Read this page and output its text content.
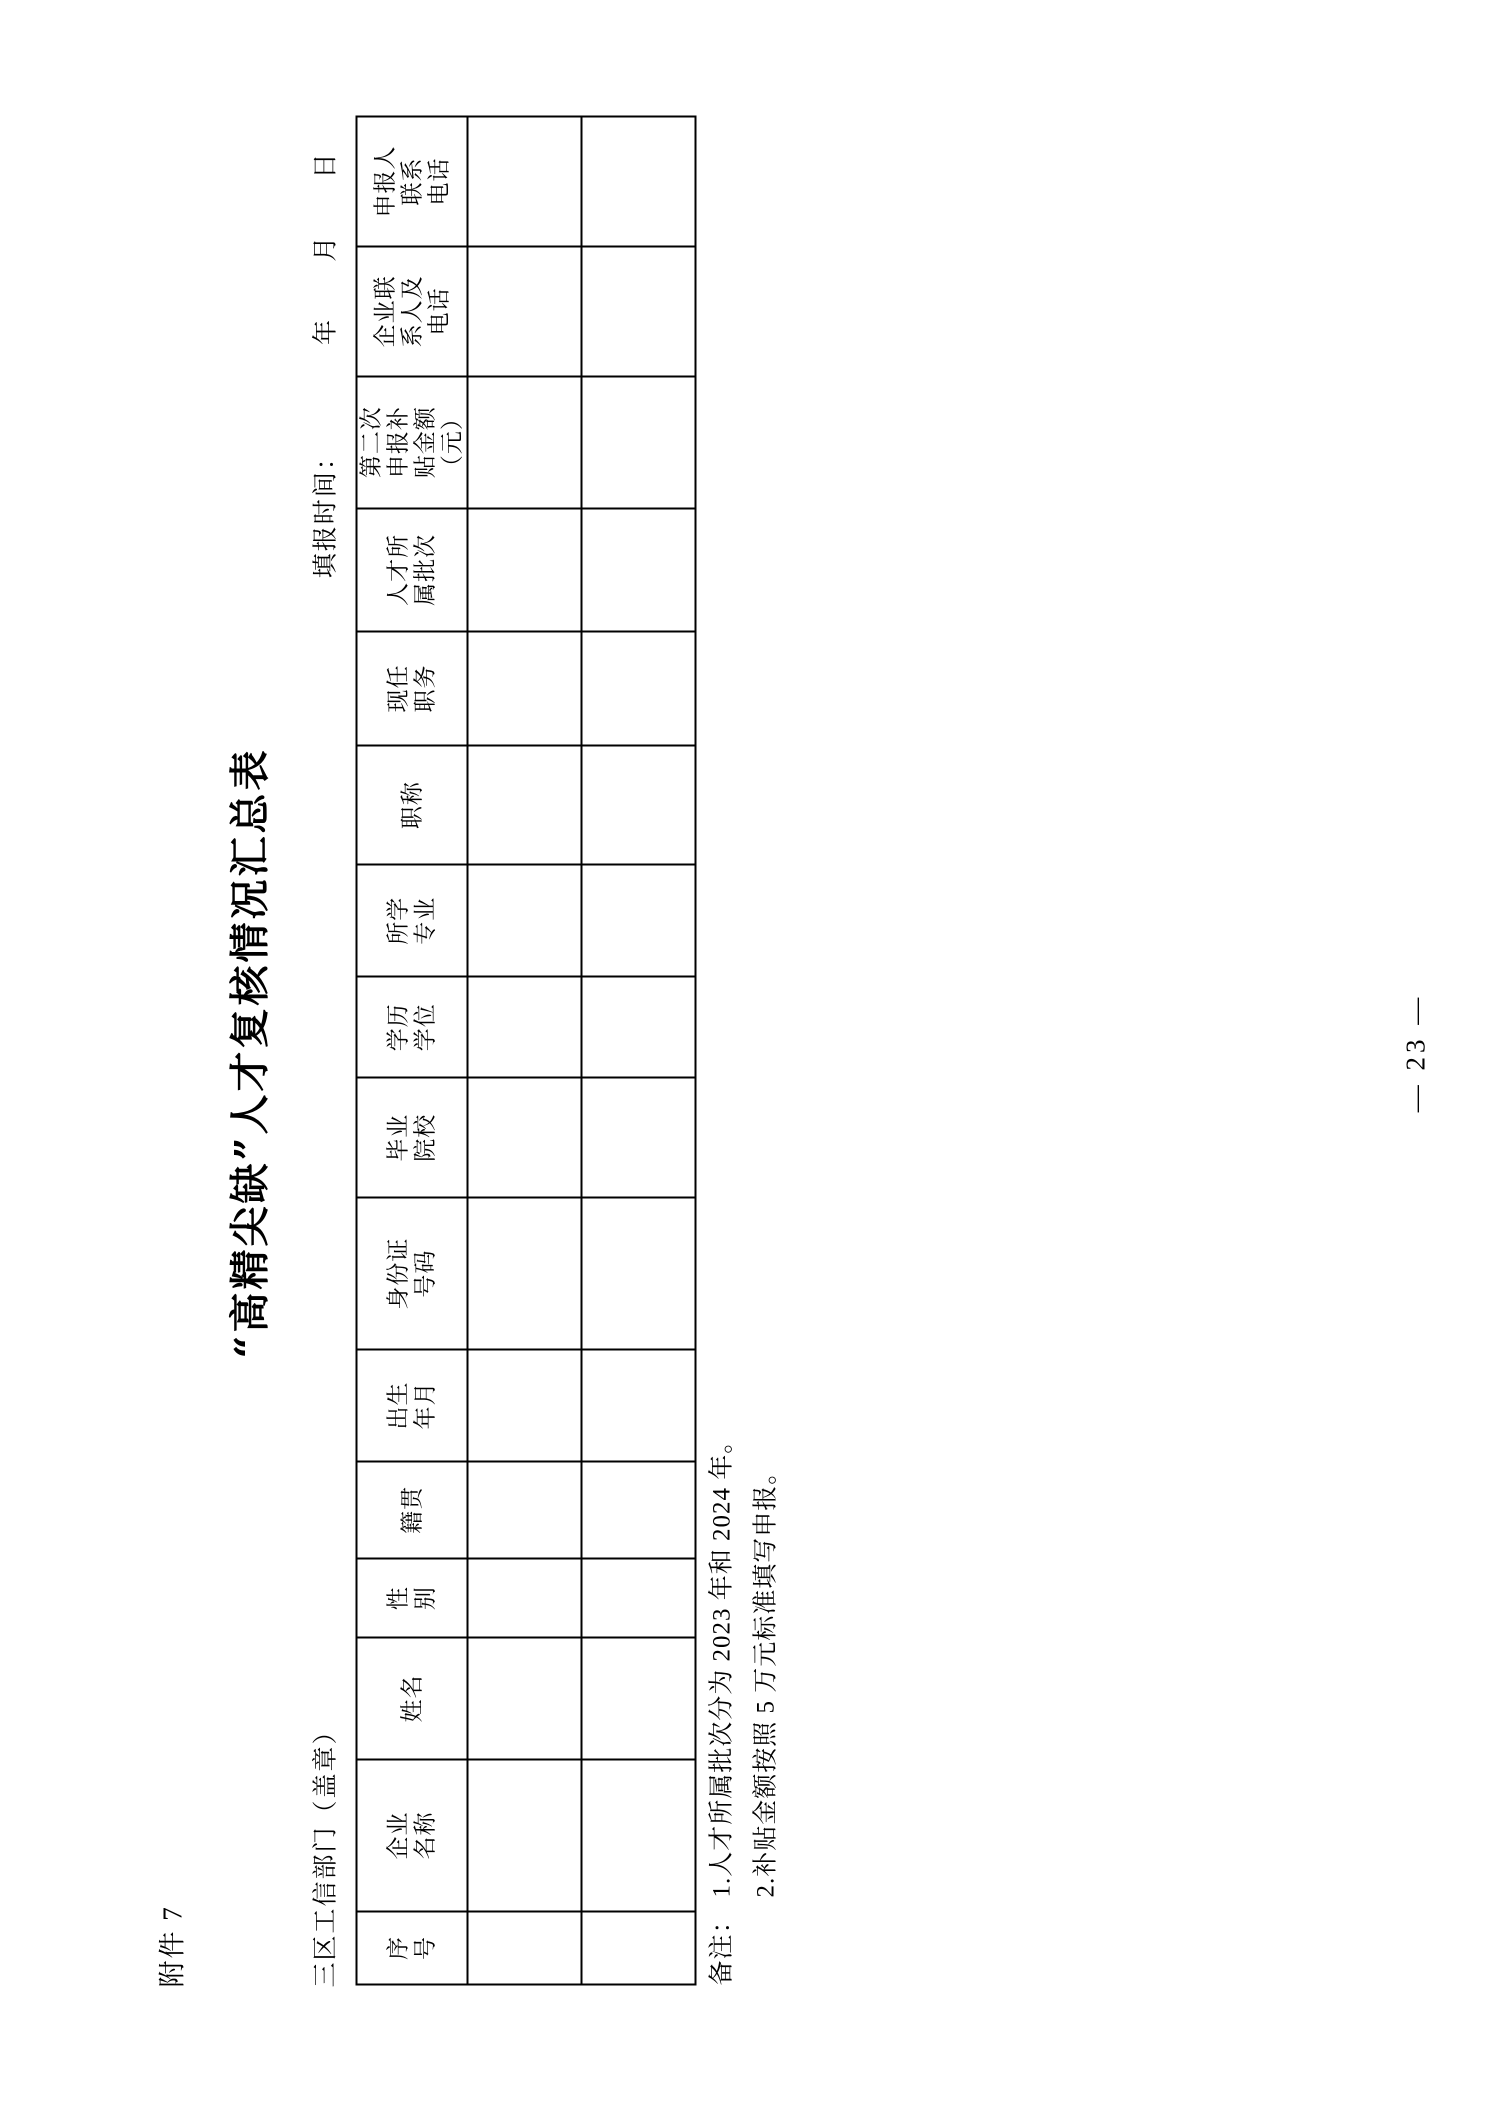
附件 7
“高精尖缺”人才复核情况汇总表
三区工信部门（盖章）
填报时间： 年 月 日
序 号	企业 名称	姓名	性 别	籍贯	出生 年月	身份证 号码	毕业 院校	学历 学位	所学 专业	职称	现任 职务	人才所 属批次	第二次 申报补 贴金额 （元）	企业联 系人及 电话	申报人 联系 电话

备注：
1.人才所属批次分为 2023 年和 2024 年。 2.补贴金额按照 5 万元标准填写申报。
— 23 —
